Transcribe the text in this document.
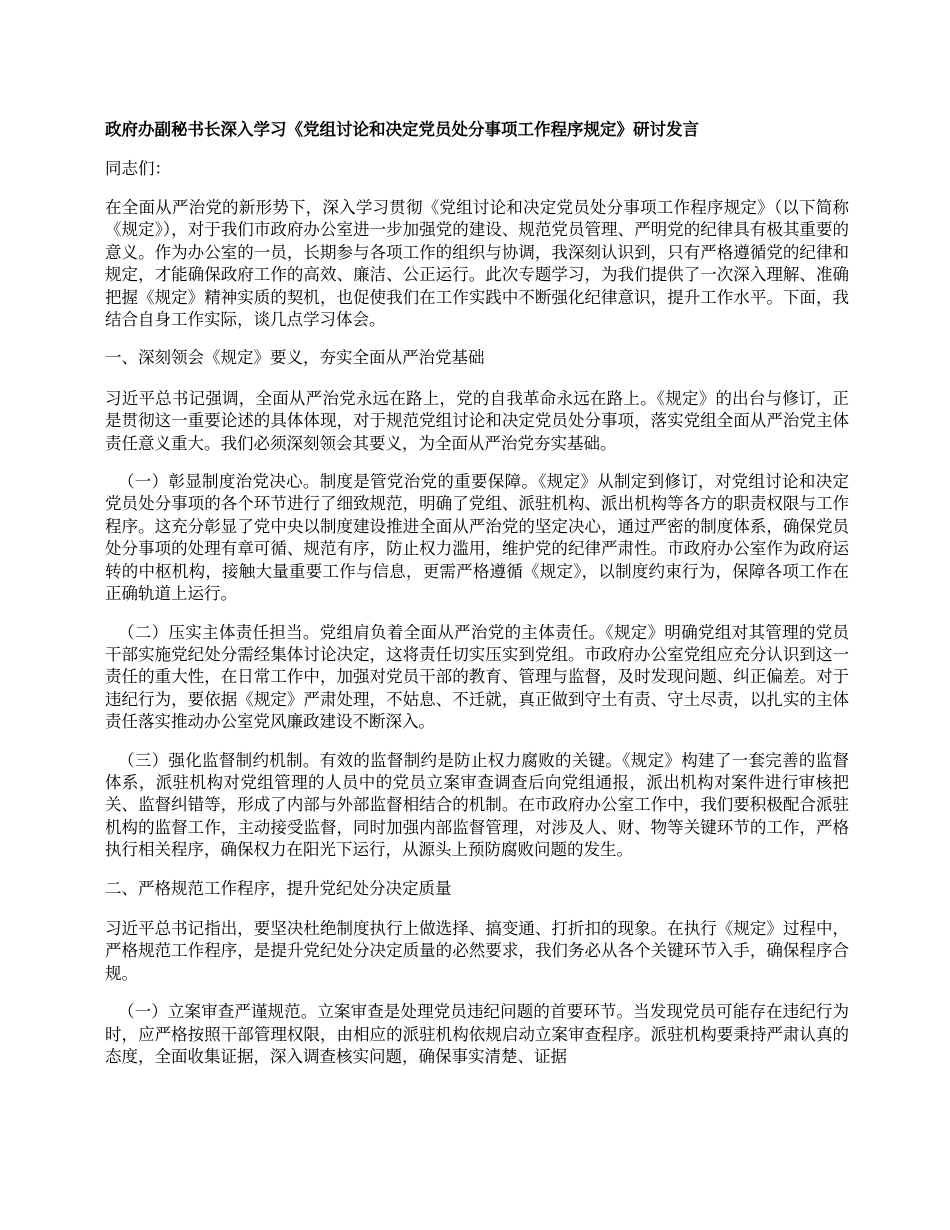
政府办副秘书长深入学习《党组讨论和决定党员处分事项工作程序规定》研讨发言

同志们：

在全面从严治党的新形势下，深入学习贯彻《党组讨论和决定党员处分事项工作程序规定》（以下简称《规定》），对于我们市政府办公室进一步加强党的建设、规范党员管理、严明党的纪律具有极其重要的意义。作为办公室的一员，长期参与各项工作的组织与协调，我深刻认识到，只有严格遵循党的纪律和规定，才能确保政府工作的高效、廉洁、公正运行。此次专题学习，为我们提供了一次深入理解、准确把握《规定》精神实质的契机，也促使我们在工作实践中不断强化纪律意识，提升工作水平。下面，我结合自身工作实际，谈几点学习体会。

一、深刻领会《规定》要义，夯实全面从严治党基础

习近平总书记强调，全面从严治党永远在路上，党的自我革命永远在路上。《规定》的出台与修订，正是贯彻这一重要论述的具体体现，对于规范党组讨论和决定党员处分事项，落实党组全面从严治党主体责任意义重大。我们必须深刻领会其要义，为全面从严治党夯实基础。

（一）彰显制度治党决心。制度是管党治党的重要保障。《规定》从制定到修订，对党组讨论和决定党员处分事项的各个环节进行了细致规范，明确了党组、派驻机构、派出机构等各方的职责权限与工作程序。这充分彰显了党中央以制度建设推进全面从严治党的坚定决心，通过严密的制度体系，确保党员处分事项的处理有章可循、规范有序，防止权力滥用，维护党的纪律严肃性。市政府办公室作为政府运转的中枢机构，接触大量重要工作与信息，更需严格遵循《规定》，以制度约束行为，保障各项工作在正确轨道上运行。

（二）压实主体责任担当。党组肩负着全面从严治党的主体责任。《规定》明确党组对其管理的党员干部实施党纪处分需经集体讨论决定，这将责任切实压实到党组。市政府办公室党组应充分认识到这一责任的重大性，在日常工作中，加强对党员干部的教育、管理与监督，及时发现问题、纠正偏差。对于违纪行为，要依据《规定》严肃处理，不姑息、不迁就，真正做到守土有责、守土尽责，以扎实的主体责任落实推动办公室党风廉政建设不断深入。

（三）强化监督制约机制。有效的监督制约是防止权力腐败的关键。《规定》构建了一套完善的监督体系，派驻机构对党组管理的人员中的党员立案审查调查后向党组通报，派出机构对案件进行审核把关、监督纠错等，形成了内部与外部监督相结合的机制。在市政府办公室工作中，我们要积极配合派驻机构的监督工作，主动接受监督，同时加强内部监督管理，对涉及人、财、物等关键环节的工作，严格执行相关程序，确保权力在阳光下运行，从源头上预防腐败问题的发生。

二、严格规范工作程序，提升党纪处分决定质量

习近平总书记指出，要坚决杜绝制度执行上做选择、搞变通、打折扣的现象。在执行《规定》过程中，严格规范工作程序，是提升党纪处分决定质量的必然要求，我们务必从各个关键环节入手，确保程序合规。

（一）立案审查严谨规范。立案审查是处理党员违纪问题的首要环节。当发现党员可能存在违纪行为时，应严格按照干部管理权限，由相应的派驻机构依规启动立案审查程序。派驻机构要秉持严肃认真的态度，全面收集证据，深入调查核实问题，确保事实清楚、证据
